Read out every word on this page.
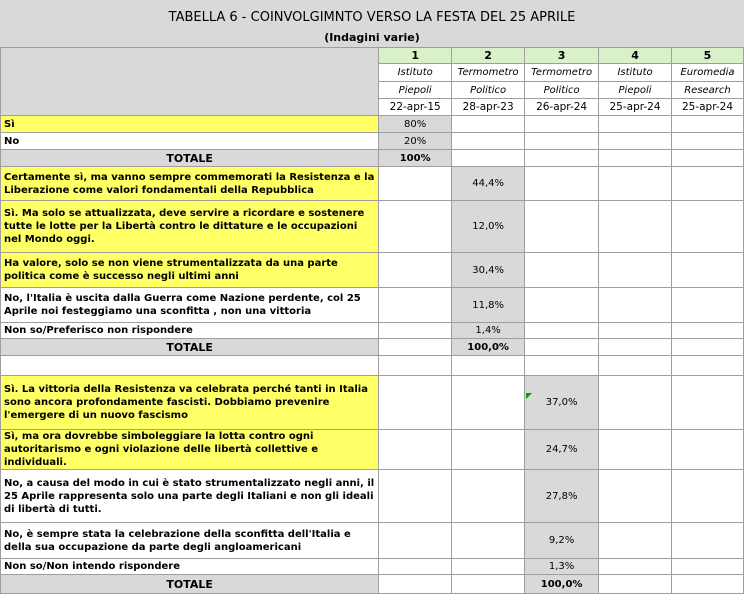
TABELLA 6 - COINVOLGIMNTO VERSO LA FESTA DEL 25 APRILE
(Indagini varie)
	1	2	3	4	5
	Istituto	Termometro	Termometro	Istituto	Euromedia
	Piepoli	Politico	Politico	Piepoli	Research
	22-apr-15	28-apr-23	26-apr-24	25-apr-24	25-apr-24
Sì	80%				
No	20%				
TOTALE	100%				
Certamente sì, ma vanno sempre commemorati la Resistenza e la Liberazione come valori fondamentali della Repubblica		44,4%			
Sì. Ma solo se attualizzata, deve servire a ricordare e sostenere tutte le lotte per la Libertà contro le dittature e le occupazioni nel Mondo oggi.		12,0%			
Ha valore, solo se non viene strumentalizzata da una parte politica come è successo negli ultimi anni		30,4%			
No, l'Italia è uscita dalla Guerra come Nazione perdente, col 25 Aprile noi festeggiamo una sconfitta , non una vittoria		11,8%			
Non so/Preferisco non rispondere		1,4%			
TOTALE		100,0%			

Sì. La vittoria della Resistenza va celebrata perché tanti in Italia sono ancora profondamente fascisti. Dobbiamo prevenire l'emergere di un nuovo fascismo			37,0%		
Sì, ma ora dovrebbe simboleggiare la lotta contro ogni autoritarismo e ogni violazione delle libertà collettive e individuali.			24,7%		
No, a causa del modo in cui è stato strumentalizzato negli anni, il 25 Aprile rappresenta solo una parte degli Italiani e non gli ideali di libertà di tutti.			27,8%		
No, è sempre stata la celebrazione della sconfitta dell'Italia e della sua occupazione da parte degli angloamericani			9,2%		
Non so/Non intendo rispondere			1,3%		
TOTALE			100,0%		
